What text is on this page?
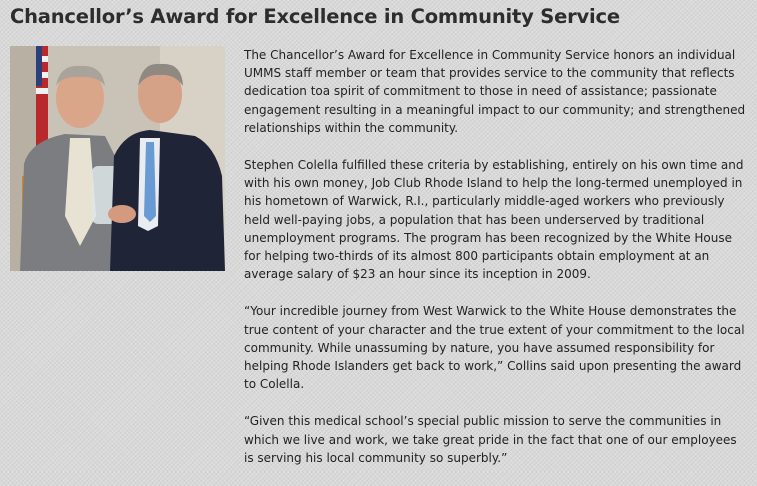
Chancellor’s Award for Excellence in Community Service

The Chancellor’s Award for Excellence in Community Service honors an individual UMMS staff member or team that provides service to the community that reflects dedication toa spirit of commitment to those in need of assistance; passionate engagement resulting in a meaningful impact to our community; and strengthened relationships within the community.

Stephen Colella fulfilled these criteria by establishing, entirely on his own time and with his own money, Job Club Rhode Island to help the long-termed unemployed in his hometown of Warwick, R.I., particularly middle-aged workers who previously held well-paying jobs, a population that has been underserved by traditional unemployment programs. The program has been recognized by the White House for helping two-thirds of its almost 800 participants obtain employment at an average salary of $23 an hour since its inception in 2009.

“Your incredible journey from West Warwick to the White House demonstrates the true content of your character and the true extent of your commitment to the local community. While unassuming by nature, you have assumed responsibility for helping Rhode Islanders get back to work,” Collins said upon presenting the award to Colella.

“Given this medical school’s special public mission to serve the communities in which we live and work, we take great pride in the fact that one of our employees is serving his local community so superbly.”
